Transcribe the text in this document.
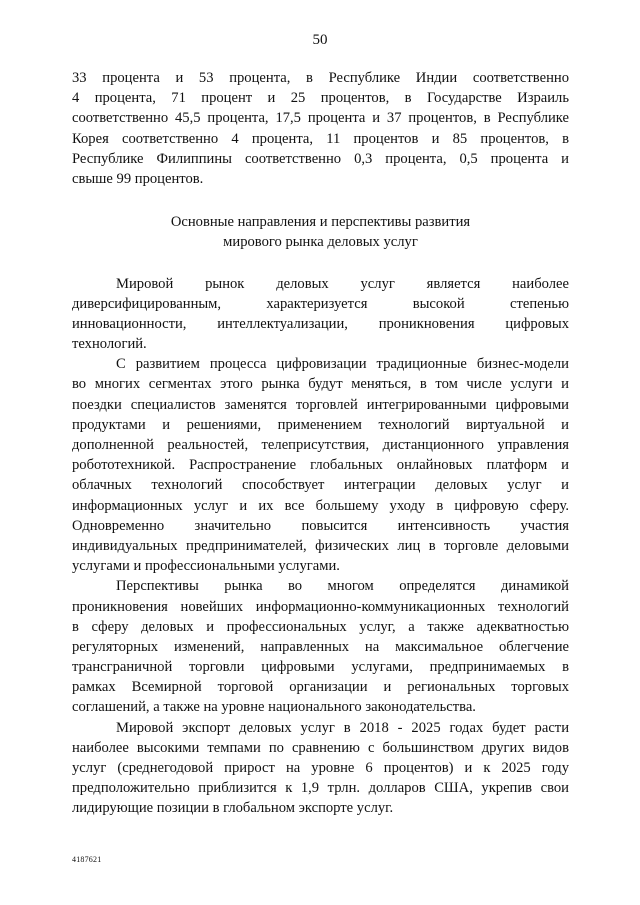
50
33 процента и 53 процента, в Республике Индии соответственно
4 процента, 71 процент и 25 процентов, в Государстве Израиль
соответственно 45,5 процента, 17,5 процента и 37 процентов, в Республике
Корея соответственно 4 процента, 11 процентов и 85 процентов, в
Республике Филиппины соответственно 0,3 процента, 0,5 процента и
свыше 99 процентов.
Основные направления и перспективы развития
мирового рынка деловых услуг
Мировой рынок деловых услуг является наиболее
диверсифицированным, характеризуется высокой степенью
инновационности, интеллектуализации, проникновения цифровых
технологий.
С развитием процесса цифровизации традиционные бизнес-модели
во многих сегментах этого рынка будут меняться, в том числе услуги и
поездки специалистов заменятся торговлей интегрированными цифровыми
продуктами и решениями, применением технологий виртуальной и
дополненной реальностей, телеприсутствия, дистанционного управления
робототехникой. Распространение глобальных онлайновых платформ и
облачных технологий способствует интеграции деловых услуг и
информационных услуг и их все большему уходу в цифровую сферу.
Одновременно значительно повысится интенсивность участия
индивидуальных предпринимателей, физических лиц в торговле деловыми
услугами и профессиональными услугами.
Перспективы рынка во многом определятся динамикой
проникновения новейших информационно-коммуникационных технологий
в сферу деловых и профессиональных услуг, а также адекватностью
регуляторных изменений, направленных на максимальное облегчение
трансграничной торговли цифровыми услугами, предпринимаемых в
рамках Всемирной торговой организации и региональных торговых
соглашений, а также на уровне национального законодательства.
Мировой экспорт деловых услуг в 2018 - 2025 годах будет расти
наиболее высокими темпами по сравнению с большинством других видов
услуг (среднегодовой прирост на уровне 6 процентов) и к 2025 году
предположительно приблизится к 1,9 трлн. долларов США, укрепив свои
лидирующие позиции в глобальном экспорте услуг.
4187621
